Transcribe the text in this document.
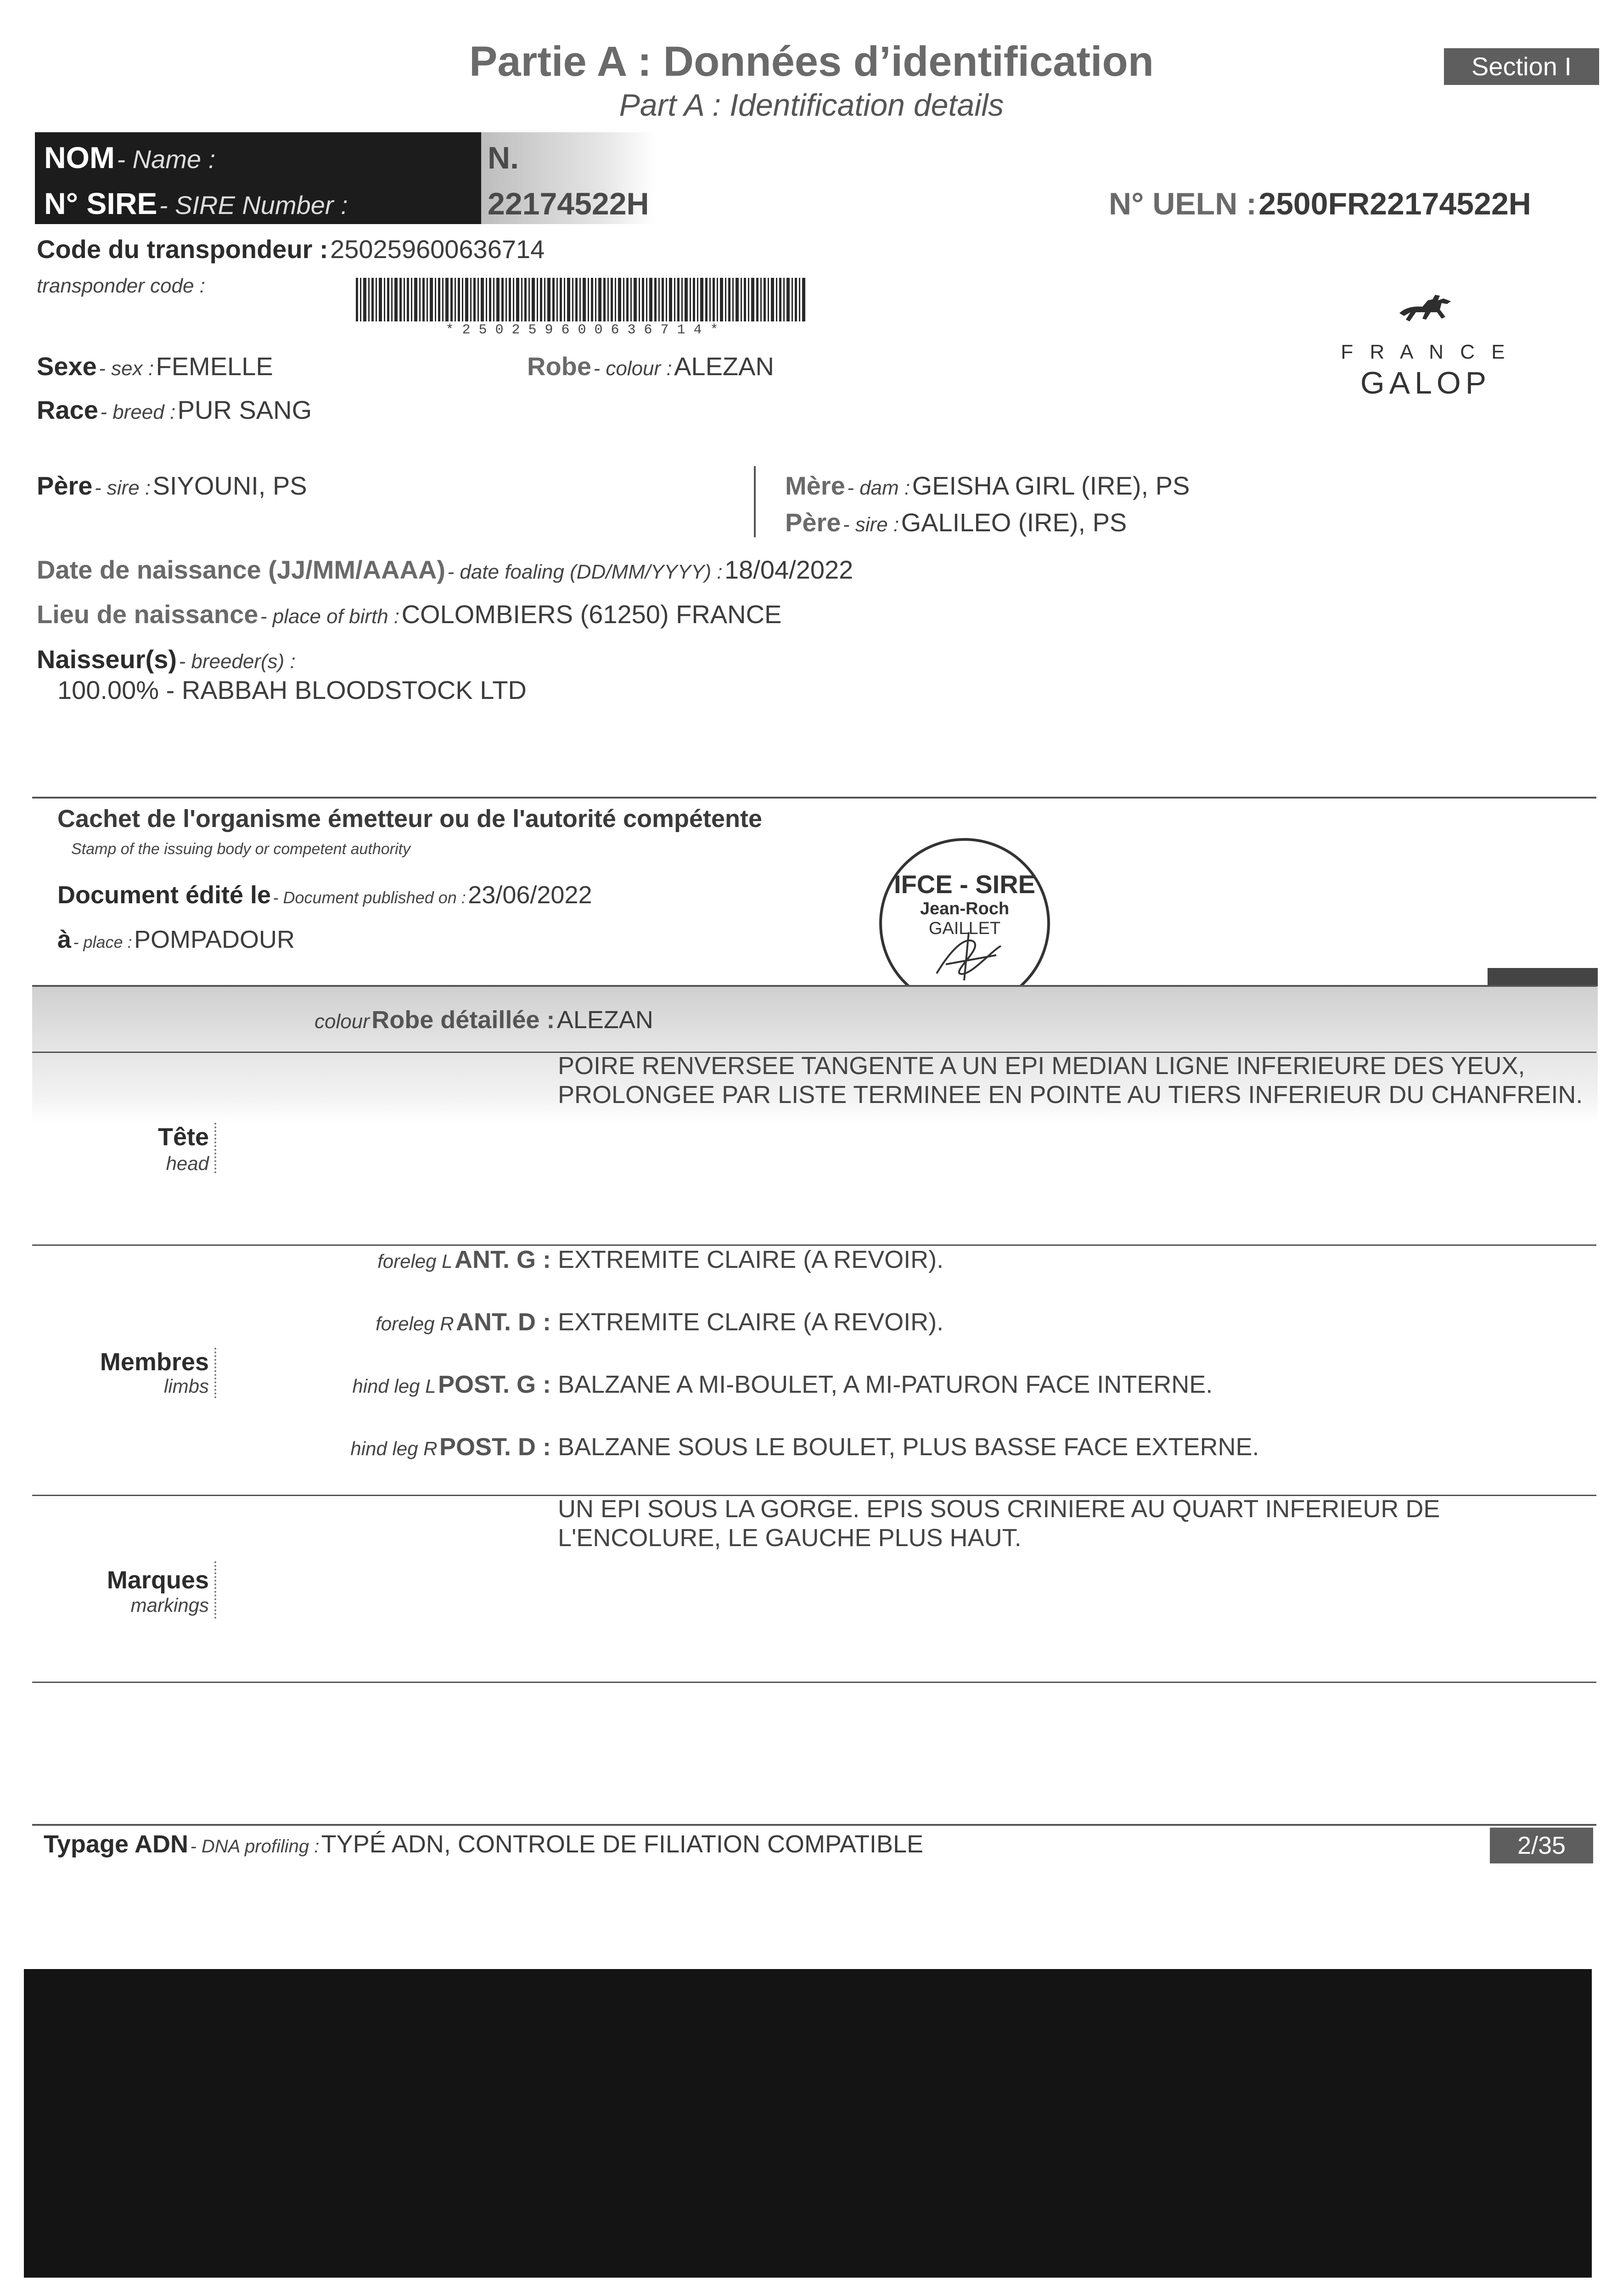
Partie A : Données d’identification
Part A : Identification details
Section I
NOM - Name :	N.
N° SIRE - SIRE Number :	22174522H	N° UELN : 2500FR22174522H
Code du transpondeur : 250259600636714
transponder code :
* 2 5 0 2 5 9 6 0 0 6 3 6 7 1 4 *
F R A N C E
GALOP
Sexe - sex : FEMELLE	Robe - colour : ALEZAN
Race - breed : PUR SANG
Père - sire : SIYOUNI, PS	Mère - dam : GEISHA GIRL (IRE), PS
Père - sire : GALILEO (IRE), PS
Date de naissance (JJ/MM/AAAA) - date foaling (DD/MM/YYYY) : 18/04/2022
Lieu de naissance - place of birth : COLOMBIERS (61250) FRANCE
Naisseur(s) - breeder(s) :
100.00% - RABBAH BLOODSTOCK LTD
Cachet de l'organisme émetteur ou de l'autorité compétente
Stamp of the issuing body or competent authority
Document édité le - Document published on : 23/06/2022
à - place : POMPADOUR
IFCE - SIRE
Jean-Roch
GAILLET
colour Robe détaillée : ALEZAN
POIRE RENVERSEE TANGENTE A UN EPI MEDIAN LIGNE INFERIEURE DES YEUX,
PROLONGEE PAR LISTE TERMINEE EN POINTE AU TIERS INFERIEUR DU CHANFREIN.
Tête
head
foreleg L ANT. G : EXTREMITE CLAIRE (A REVOIR).
foreleg R ANT. D : EXTREMITE CLAIRE (A REVOIR).
hind leg L POST. G : BALZANE A MI-BOULET, A MI-PATURON FACE INTERNE.
hind leg R POST. D : BALZANE SOUS LE BOULET, PLUS BASSE FACE EXTERNE.
Membres
limbs
UN EPI SOUS LA GORGE. EPIS SOUS CRINIERE AU QUART INFERIEUR DE
L'ENCOLURE, LE GAUCHE PLUS HAUT.
Marques
markings
Typage ADN - DNA profiling : TYPÉ ADN, CONTROLE DE FILIATION COMPATIBLE	2/35
